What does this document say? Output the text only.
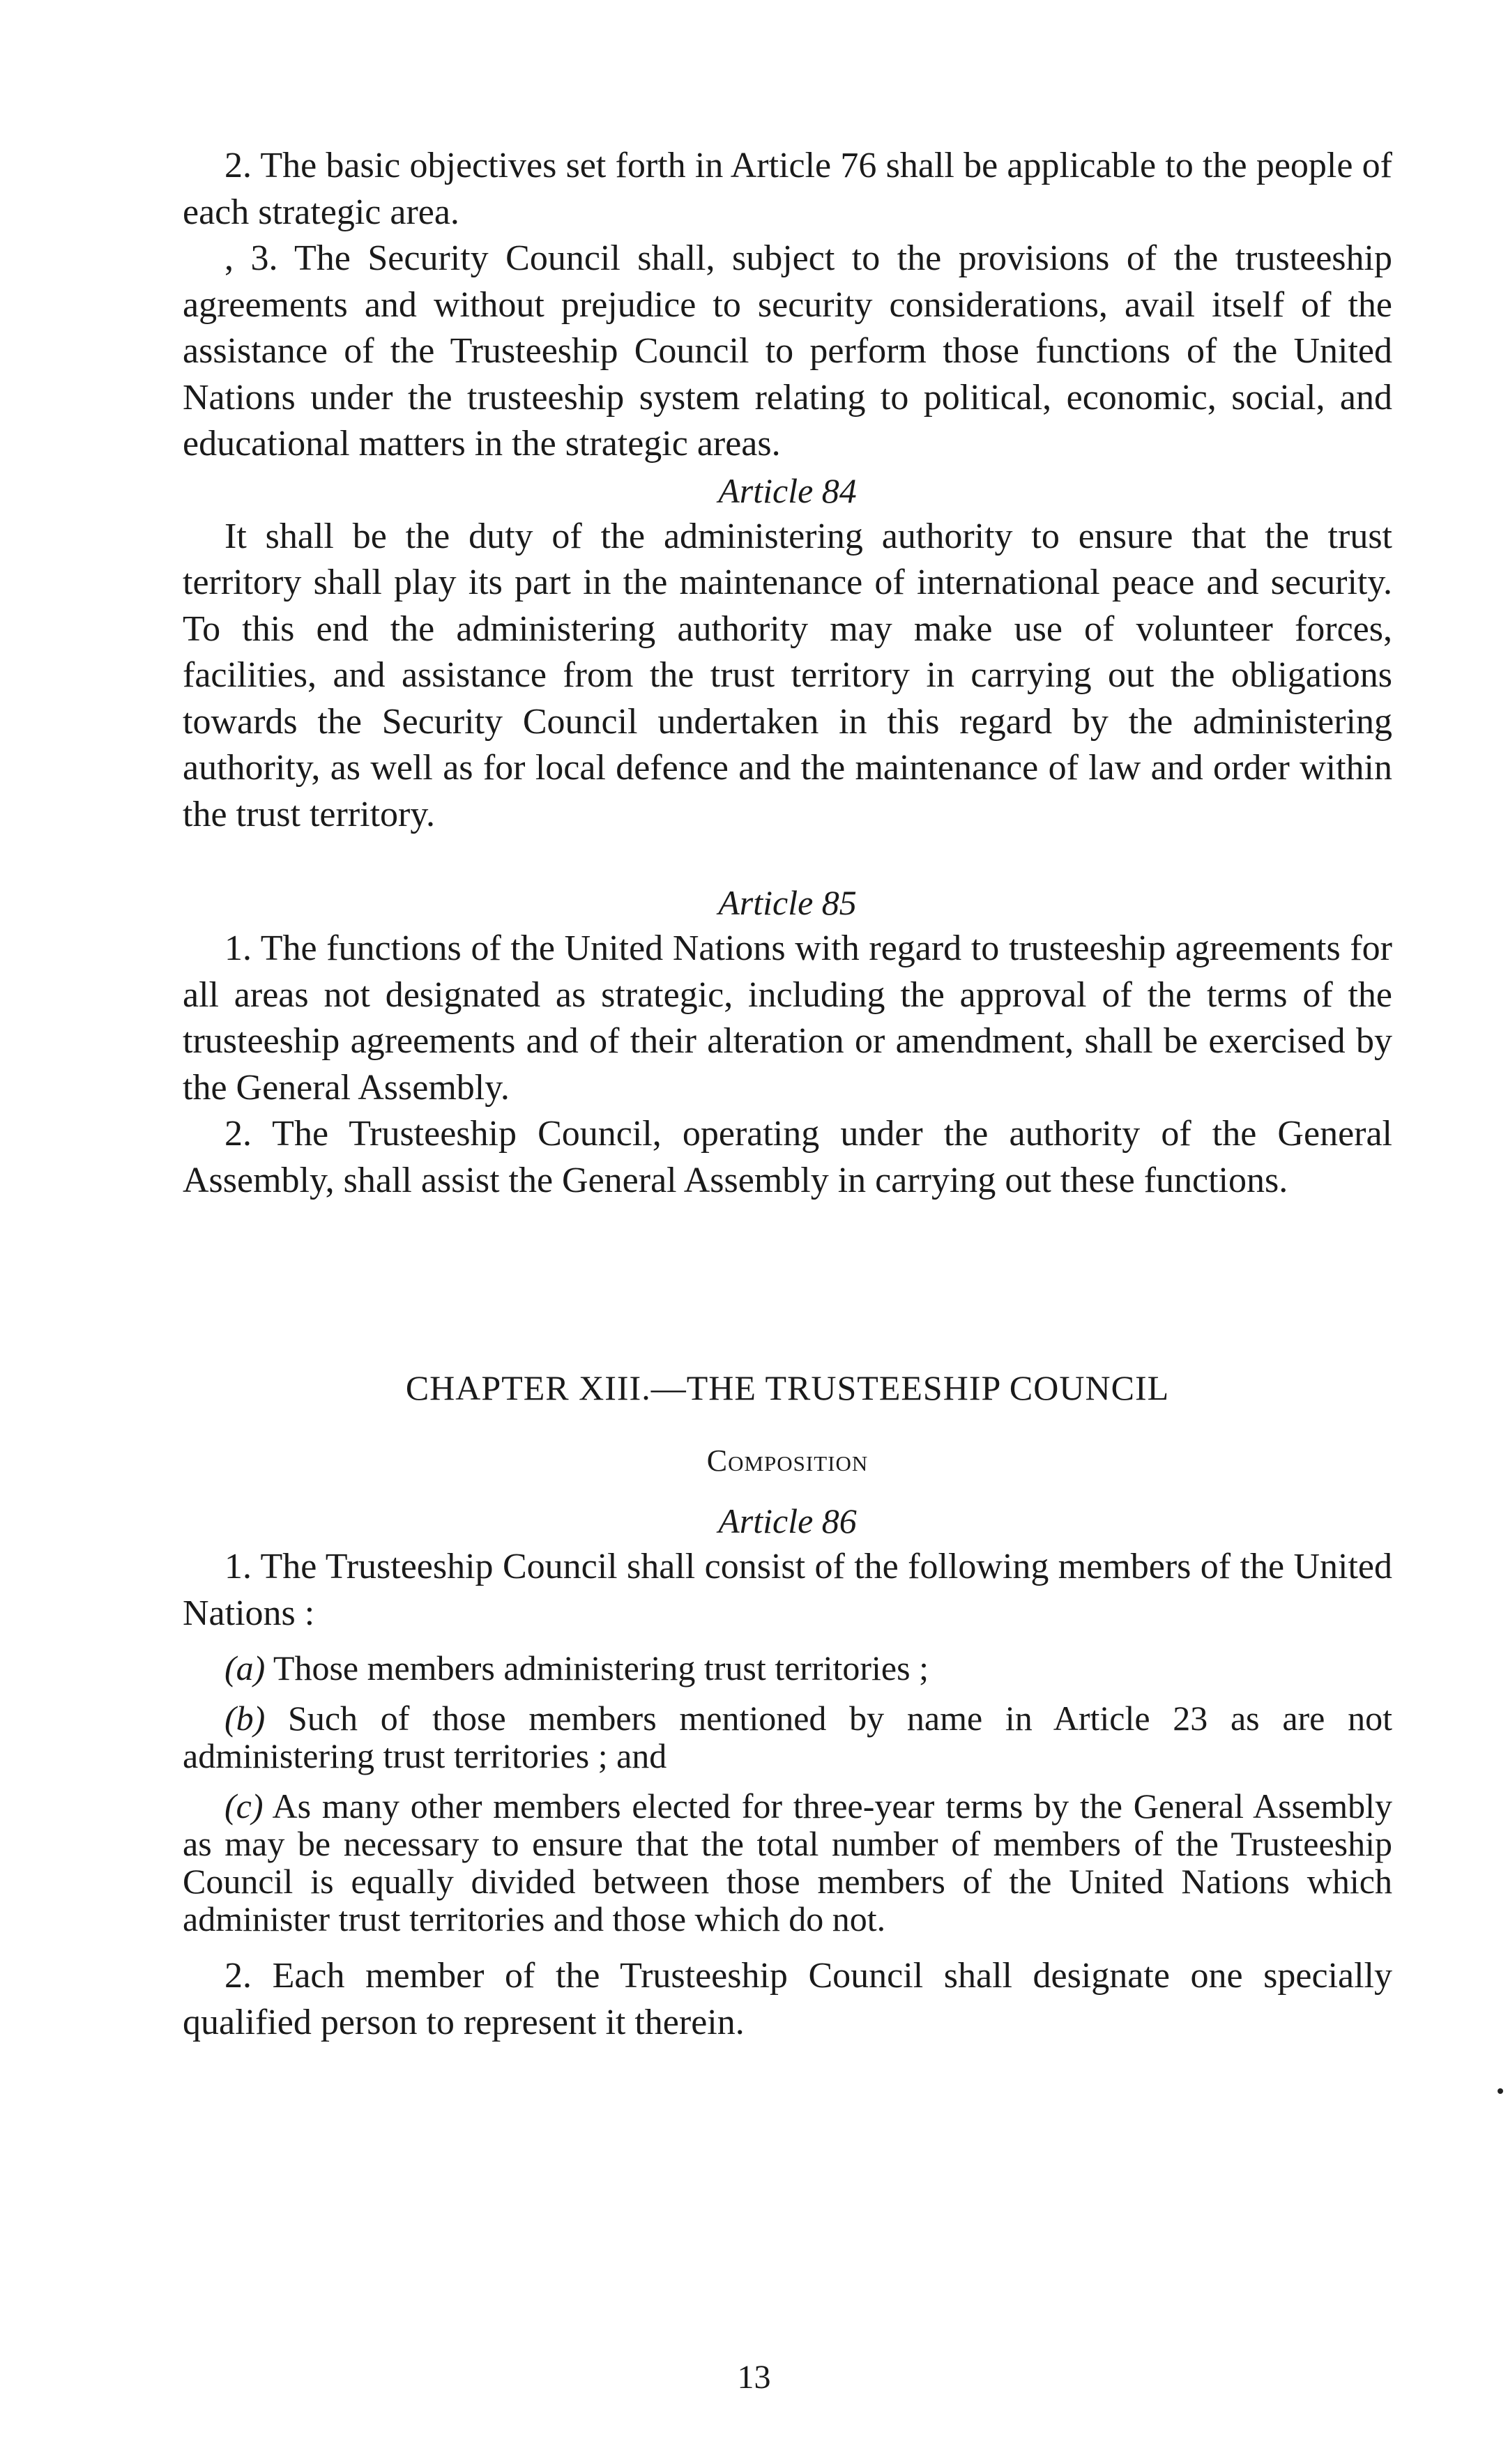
2. The basic objectives set forth in Article 76 shall be applicable to the people of each strategic area.

, 3. The Security Council shall, subject to the provisions of the trusteeship agreements and without prejudice to security considerations, avail itself of the assistance of the Trusteeship Council to perform those functions of the United Nations under the trusteeship system relating to political, economic, social, and educational matters in the strategic areas.

Article 84

It shall be the duty of the administering authority to ensure that the trust territory shall play its part in the maintenance of international peace and security. To this end the administering authority may make use of volunteer forces, facilities, and assistance from the trust territory in carrying out the obligations towards the Security Council undertaken in this regard by the administering authority, as well as for local defence and the maintenance of law and order within the trust territory.

Article 85

1. The functions of the United Nations with regard to trusteeship agreements for all areas not designated as strategic, including the approval of the terms of the trusteeship agreements and of their alteration or amendment, shall be exercised by the General Assembly.

2. The Trusteeship Council, operating under the authority of the General Assembly, shall assist the General Assembly in carrying out these functions.

CHAPTER XIII.—THE TRUSTEESHIP COUNCIL

Composition

Article 86

1. The Trusteeship Council shall consist of the following members of the United Nations :

(a) Those members administering trust territories ;

(b) Such of those members mentioned by name in Article 23 as are not administering trust territories ; and

(c) As many other members elected for three-year terms by the General Assembly as may be necessary to ensure that the total number of members of the Trusteeship Council is equally divided between those members of the United Nations which administer trust territories and those which do not.

2. Each member of the Trusteeship Council shall designate one specially qualified person to represent it therein.

13
